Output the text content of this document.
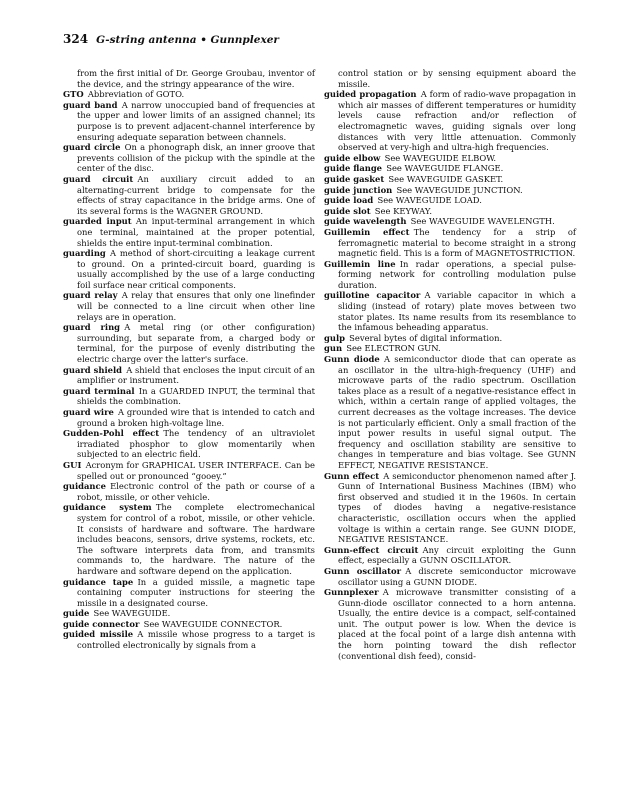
324 G-string antenna • Gunnplexer

from the first initial of Dr. George Groubau, inventor of the device, and the stringy appearance of the wire.

GTO  Abbreviation of GOTO.

guard band  A narrow unoccupied band of frequencies at the upper and lower limits of an assigned channel; its purpose is to prevent adjacent-channel interference by ensuring adequate separation between channels.

guard circle  On a phonograph disk, an inner groove that prevents collision of the pickup with the spindle at the center of the disc.

guard circuit  An auxiliary circuit added to an alternating-current bridge to compensate for the effects of stray capacitance in the bridge arms. One of its several forms is the WAGNER GROUND.

guarded input  An input-terminal arrangement in which one terminal, maintained at the proper potential, shields the entire input-terminal combination.

guarding  A method of short-circuiting a leakage current to ground. On a printed-circuit board, guarding is usually accomplished by the use of a large conducting foil surface near critical components.

guard relay  A relay that ensures that only one linefinder will be connected to a line circuit when other line relays are in operation.

guard ring  A metal ring (or other configuration) surrounding, but separate from, a charged body or terminal, for the purpose of evenly distributing the electric charge over the latter's surface.

guard shield  A shield that encloses the input circuit of an amplifier or instrument.

guard terminal  In a GUARDED INPUT, the terminal that shields the combination.

guard wire  A grounded wire that is intended to catch and ground a broken high-voltage line.

Gudden-Pohl effect  The tendency of an ultraviolet irradiated phosphor to glow momentarily when subjected to an electric field.

GUI  Acronym for GRAPHICAL USER INTERFACE. Can be spelled out or pronounced “gooey.”

guidance  Electronic control of the path or course of a robot, missile, or other vehicle.

guidance system  The complete electromechanical system for control of a robot, missile, or other vehicle. It consists of hardware and software. The hardware includes beacons, sensors, drive systems, rockets, etc. The software interprets data from, and transmits commands to, the hardware. The nature of the hardware and software depend on the application.

guidance tape  In a guided missile, a magnetic tape containing computer instructions for steering the missile in a designated course.

guide  See WAVEGUIDE.

guide connector  See WAVEGUIDE CONNECTOR.

guided missile  A missile whose progress to a target is controlled electronically by signals from a

control station or by sensing equipment aboard the missile.

guided propagation  A form of radio-wave propagation in which air masses of different temperatures or humidity levels cause refraction and/or reflection of electromagnetic waves, guiding signals over long distances with very little attenuation. Commonly observed at very-high and ultra-high frequencies.

guide elbow  See WAVEGUIDE ELBOW.

guide flange  See WAVEGUIDE FLANGE.

guide gasket  See WAVEGUIDE GASKET.

guide junction  See WAVEGUIDE JUNCTION.

guide load  See WAVEGUIDE LOAD.

guide slot  See KEYWAY.

guide wavelength  See WAVEGUIDE WAVELENGTH.

Guillemin effect  The tendency for a strip of ferromagnetic material to become straight in a strong magnetic field. This is a form of MAGNETOSTRICTION.

Guillemin line  In radar operations, a special pulse-forming network for controlling modulation pulse duration.

guillotine capacitor  A variable capacitor in which a sliding (instead of rotary) plate moves between two stator plates. Its name results from its resemblance to the infamous beheading apparatus.

gulp  Several bytes of digital information.

gun  See ELECTRON GUN.

Gunn diode  A semiconductor diode that can operate as an oscillator in the ultra-high-frequency (UHF) and microwave parts of the radio spectrum. Oscillation takes place as a result of a negative-resistance effect in which, within a certain range of applied voltages, the current decreases as the voltage increases. The device is not particularly efficient. Only a small fraction of the input power results in useful signal output. The frequency and oscillation stability are sensitive to changes in temperature and bias voltage. See GUNN EFFECT, NEGATIVE RESISTANCE.

Gunn effect  A semiconductor phenomenon named after J. Gunn of International Business Machines (IBM) who first observed and studied it in the 1960s. In certain types of diodes having a negative-resistance characteristic, oscillation occurs when the applied voltage is within a certain range. See GUNN DIODE, NEGATIVE RESISTANCE.

Gunn-effect circuit  Any circuit exploiting the Gunn effect, especially a GUNN OSCILLATOR.

Gunn oscillator  A discrete semiconductor microwave oscillator using a GUNN DIODE.

Gunnplexer  A microwave transmitter consisting of a Gunn-diode oscillator connected to a horn antenna. Usually, the entire device is a compact, self-contained unit. The output power is low. When the device is placed at the focal point of a large dish antenna with the horn pointing toward the dish reflector (conventional dish feed), consid-
